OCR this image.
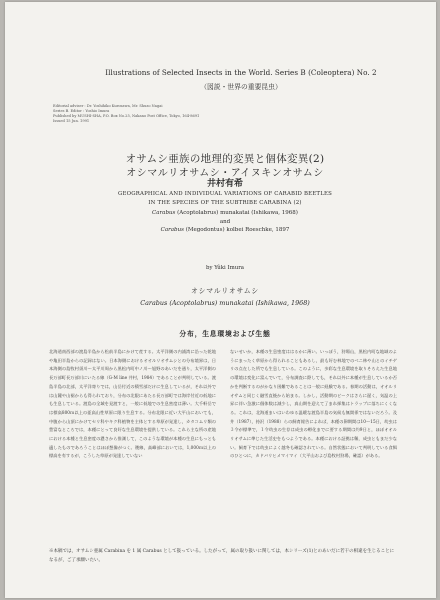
Illustrations of Selected Insects in the World. Series B (Coleoptera) No. 2
（図説・世界の重要昆虫）
Editorial adviser : Dr. Yoshihiko Kurosawa, Mr. Shuzo Nagai
Series B. Editor : Yoshio Imura
Published by MUSHI-SHA, P.O. Box No.25, Nakano Post Office, Tokyo, 164-8691
Issued 15 Jun. 1991
オサムシ亜族の地理的変異と個体変異(2)
オシマルリオサムシ・アイヌキンオサムシ
井村有希
GEOGRAPHICAL AND INDIVIDUAL VARIATIONS OF CARABID BEETLES
IN THE SPECIES OF THE SUBTRIBE CARABINA (2)
Carabus (Acoptolabrus) munakatai (Ishikawa, 1968)
and
Carabus (Megodontus) kolbei Roeschke, 1897
by Yûki Imura
オシマルリオサムシ
Carabus (Acoptolabrus) munakatai (Ishikawa, 1968)
分布，生息環境および生態
北海道南西部の渡島半島から松前半島にかけて産する。太平洋側の内浦湾に沿った乾地や亀田半島からの記録はない。日本海側におけるオオルリオサムシとの分布境界は，日本海側の島牧村須川～太平川周から黒松内町中ノ川～旭野のあいだを通り，太平洋側の長万部町長万部川にいたる線（G-M line 井村，1984）であることが判明している。渡島半島の北部，太平洋寄りでは，山岳付近の積雪部だけに生息しているが，それ以外では山麓や山裾からも得られており，分布の北限にあたる長万部町では海岸付近の低地にも生息している。渡島の全域を見渡すと，一般に低地での生息密度は薄い。大千軒岳では標高800ｍ以上の亜高山性草原に限り生息する。分布北限に近い大平山においても，中腹から山頂にかけてセリ科やキク科植物を主体とする草原が発達し，カタコムリ類の豊富なところでは，本種にとって良好な生息環境を提供している。これら主な所の産地における本種と生息密度の濃さから推測して，このような環境が本種の生息にもっとも適したものであろうことはほぼ想像がつく。稜線，高峰部においては，1,000ｍ以上の標高を有するが，こうした草原が発達していない
ないせいか，本種の生息密度ははるかに薄い。いっぽう，狩場山，黒松内町な地域のようにまったく草原から得られることもあるし，最も好む林地でのベニ林や山とのイチゲリの点在した所でも生息している。このように，多彩な生息環境を取りそろえた生息地の環境は変化に富んでいて，分布調査に際しても，それ以外に本種が生息しているか否かを判断するのがかなり困難であることは一般に経験である。春期の活動は，オオルリオサムと同じく融雪直後から始まる。しかし，活動期のピークはさらに遅く，気温の上昇に伴い急激に個体数は減少し，真山期を迎えて了まれ採集はトラップに落ちにくくなる。これは，北海道まいはいわゆる温暖な渡島半島の気候も無関係ではないだろう。及井（1987），持沢（1988）らの飼育報告によれば，本種の卵期間は10～15日，幼虫は３令が標準で，１令幼虫の生存は成虫の孵化までに要する期間は約9日と，ほぼオオルリオサムに準じた生活史をもつようである。本種における証拠は稀，成虫ともまだ少ない。飼育下では幼虫によく越冬も確認されている。自然状態において判明している食餌のひとつに，カドバリヒメマイマイ（大平山および島牧村狩場，確認）がある。
※本稿では，オサムシ亜属 Carabina を 1 属 Carabus として扱っている。したがって，属の取り扱いに関しては，本シリーズ(1)とのあいだに若干の相違を生じることになるが，ご了承願いたい。
